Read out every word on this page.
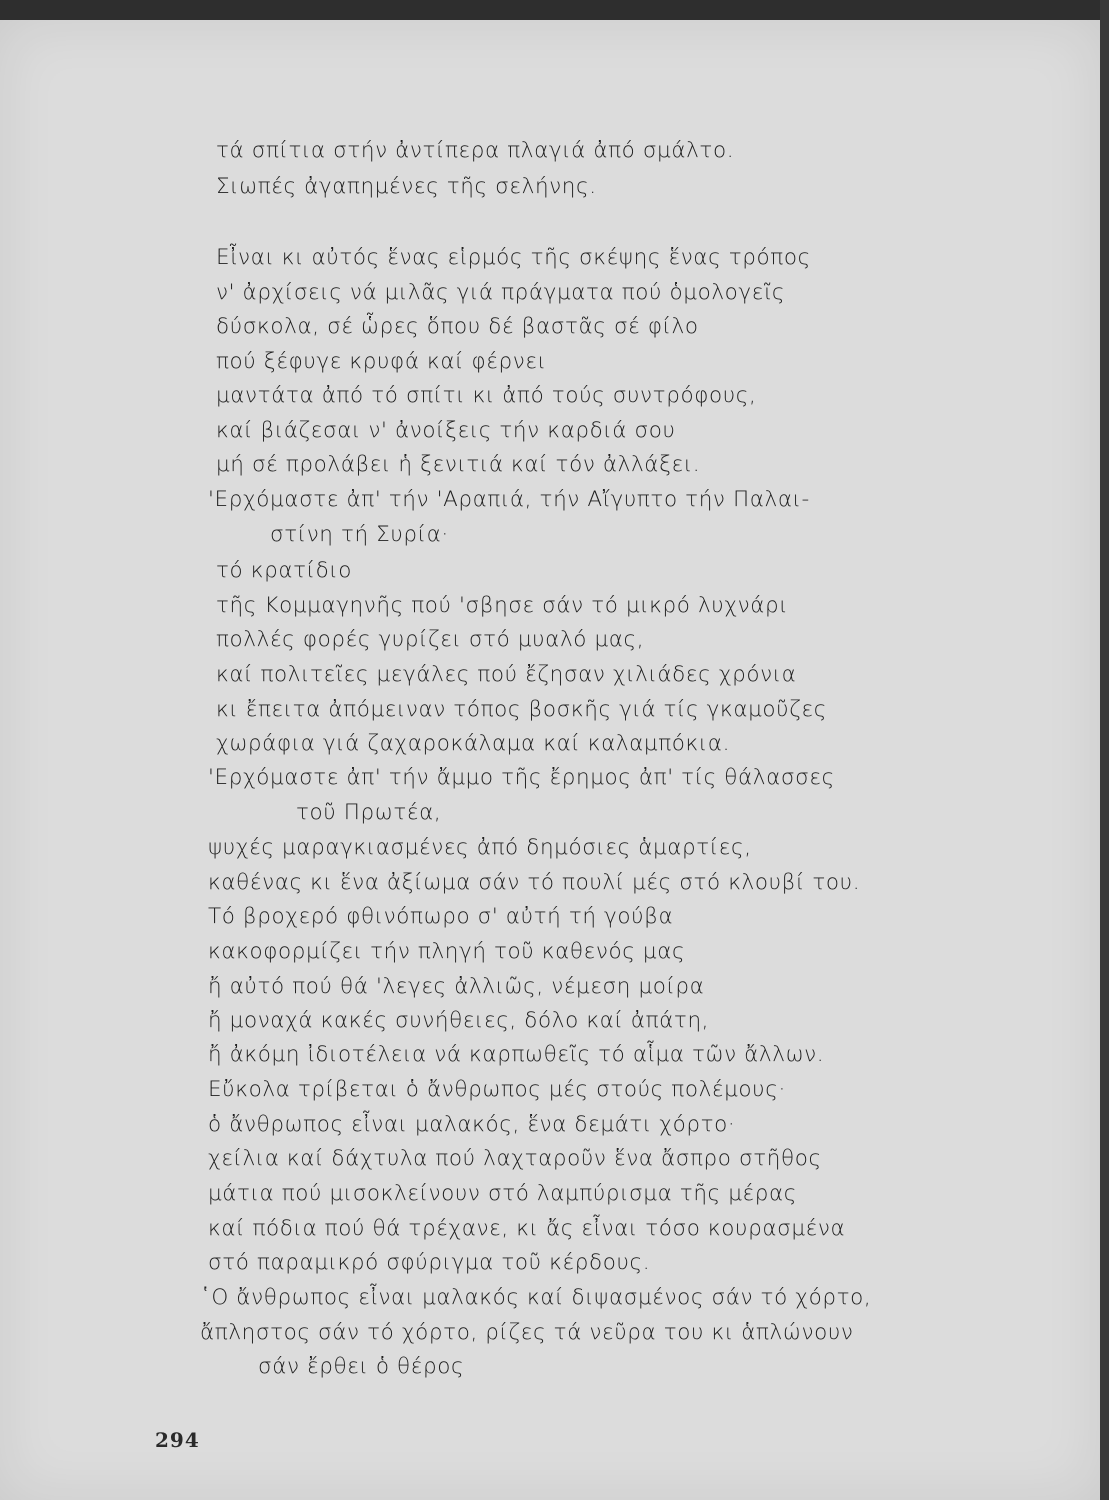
τά σπίτια στήν ἀντίπερα πλαγιά ἀπό σμάλτο.
Σιωπές ἀγαπημένες τῆς σελήνης.
Εἶναι κι αὐτός ἕνας εἱρμός τῆς σκέψης ἕνας τρόπος
ν' ἀρχίσεις νά μιλᾶς γιά πράγματα πού ὁμολογεῖς
δύσκολα, σέ ὧρες ὅπου δέ βαστᾶς σέ φίλο
πού ξέφυγε κρυφά καί φέρνει
μαντάτα ἀπό τό σπίτι κι ἀπό τούς συντρόφους,
καί βιάζεσαι ν' ἀνοίξεις τήν καρδιά σου
μή σέ προλάβει ἡ ξενιτιά καί τόν ἀλλάξει.
'Ερχόμαστε ἀπ' τήν 'Αραπιά, τήν Αἴγυπτο τήν Παλαι-
στίνη τή Συρία·
τό κρατίδιο
τῆς Κομμαγηνῆς πού 'σβησε σάν τό μικρό λυχνάρι
πολλές φορές γυρίζει στό μυαλό μας,
καί πολιτεῖες μεγάλες πού ἔζησαν χιλιάδες χρόνια
κι ἔπειτα ἀπόμειναν τόπος βοσκῆς γιά τίς γκαμοῦζες
χωράφια γιά ζαχαροκάλαμα καί καλαμπόκια.
'Ερχόμαστε ἀπ' τήν ἄμμο τῆς ἔρημος ἀπ' τίς θάλασσες
τοῦ Πρωτέα,
ψυχές μαραγκιασμένες ἀπό δημόσιες ἁμαρτίες,
καθένας κι ἕνα ἀξίωμα σάν τό πουλί μές στό κλουβί του.
Τό βροχερό φθινόπωρο σ' αὐτή τή γούβα
κακοφορμίζει τήν πληγή τοῦ καθενός μας
ἤ αὐτό πού θά 'λεγες ἀλλιῶς, νέμεση μοίρα
ἤ μοναχά κακές συνήθειες, δόλο καί ἀπάτη,
ἤ ἀκόμη ἰδιοτέλεια νά καρπωθεῖς τό αἷμα τῶν ἄλλων.
Εὔκολα τρίβεται ὁ ἄνθρωπος μές στούς πολέμους·
ὁ ἄνθρωπος εἶναι μαλακός, ἕνα δεμάτι χόρτο·
χείλια καί δάχτυλα πού λαχταροῦν ἕνα ἄσπρο στῆθος
μάτια πού μισοκλείνουν στό λαμπύρισμα τῆς μέρας
καί πόδια πού θά τρέχανε, κι ἄς εἶναι τόσο κουρασμένα
στό παραμικρό σφύριγμα τοῦ κέρδους.
῾Ο ἄνθρωπος εἶναι μαλακός καί διψασμένος σάν τό χόρτο,
ἄπληστος σάν τό χόρτο, ρίζες τά νεῦρα του κι ἁπλώνουν
σάν ἔρθει ὁ θέρος
294
